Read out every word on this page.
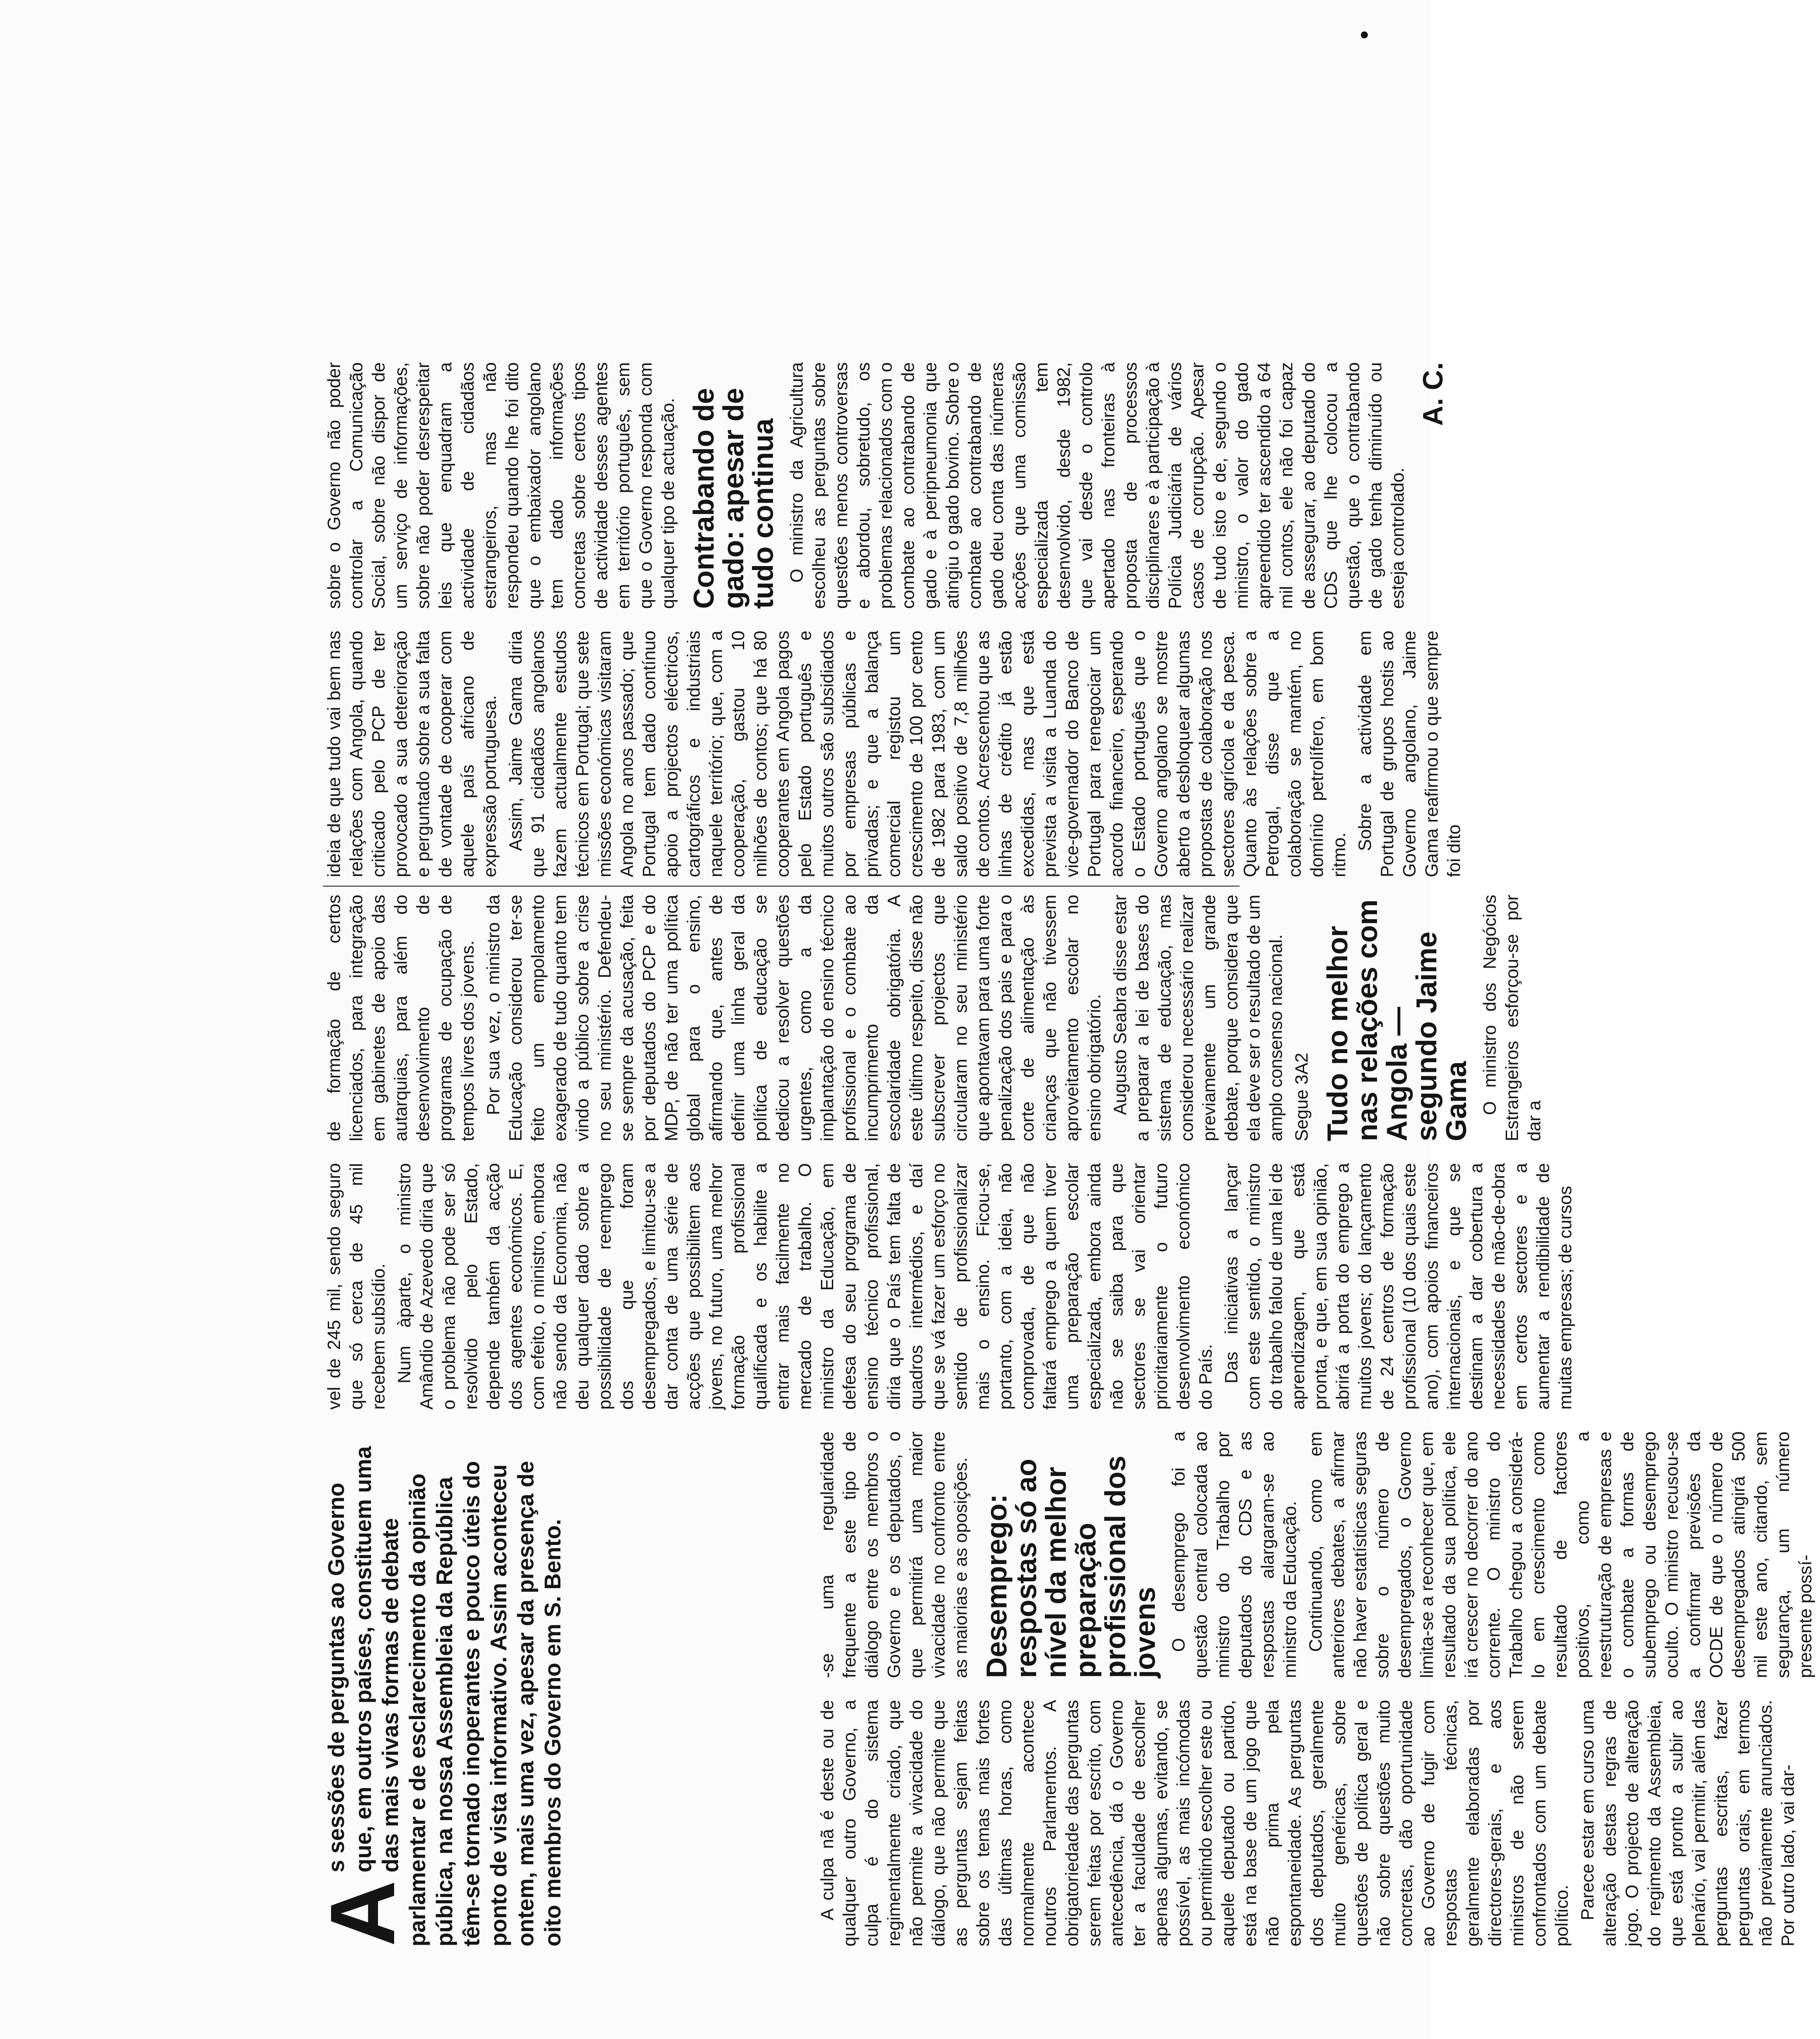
A
s sessões de perguntas ao Governo que, em outros países, constituem uma das mais vivas formas de debate parlamentar e de esclarecimento da opinião pública, na nossa Assembleia da República têm-se tornado inoperantes e pouco úteis do ponto de vista informativo. Assim aconteceu ontem, mais uma vez, apesar da presença de oito membros do Governo em S. Bento.	A culpa nã é deste ou de qualquer outro Governo, a culpa é do sistema regimentalmente criado, que não permite a vivacidade do diálogo, que não permite que as perguntas sejam feitas sobre os temas mais fortes das últimas horas, como normalmente acontece noutros Parlamentos. A obrigatoriedade das perguntas serem feitas por escrito, com antecedência, dá o Governo ter a faculdade de escolher apenas algumas, evitando, se possível, as mais incómodas ou permitindo escolher este ou aquele deputado ou partido, está na base de um jogo que não prima pela espontaneidade. As perguntas dos deputados, geralmente muito genéricas, sobre questões de política geral e não sobre questões muito concretas, dão oportunidade ao Governo de fugir com respostas técnicas, geralmente elaboradas por directores-gerais, e aos ministros de não serem confrontados com um debate político. Parece estar em curso uma alteração destas regras de jogo. O projecto de alteração do regimento da Assembleia, que está pronto a subir ao plenário, vai permitir, além das perguntas escritas, fazer perguntas orais, em termos não previamente anunciados. Por outro lado, vai dar-

-se uma regularidade frequente a este tipo de diálogo entre os membros o Governo e os deputados, o que permitirá uma maior vivacidade no confronto entre as maiorias e as oposições. Desemprego: respostas só ao nível da melhor preparação profissional dos jovens O desemprego foi a questão central colocada ao ministro do Trabalho por deputados do CDS e as respostas alargaram-se ao ministro da Educação. Continuando, como em anteriores debates, a afirmar não haver estatísticas seguras sobre o número de desempregados, o Governo limita-se a reconhecer que, em resultado da sua política, ele irá crescer no decorrer do ano corrente. O ministro do Trabalho chegou a considerá-lo em crescimento como resultado de factores positivos, como a reestruturação de empresas e o combate a formas de subemprego ou desemprego oculto. O ministro recusou-se a confirmar previsões da OCDE de que o número de desempregados atingirá 500 mil este ano, citando, sem segurança, um número presente possí-

vel de 245 mil, sendo seguro que só cerca de 45 mil recebem subsídio. Num àparte, o ministro Amândio de Azevedo diria que o problema não pode ser só resolvido pelo Estado, depende também da acção dos agentes económicos. E, com efeito, o ministro, embora não sendo da Economia, não deu qualquer dado sobre a possibilidade de reemprego dos que foram desempregados, e limitou-se a dar conta de uma série de acções que possibilitem aos jovens, no futuro, uma melhor formação profissional qualificada e os habilite a entrar mais facilmente no mercado de trabalho. O ministro da Educação, em defesa do seu programa de ensino técnico profissional, diria que o País tem falta de quadros intermédios, e daí que se vá fazer um esforço no sentido de profissionalizar mais o ensino. Ficou-se, portanto, com a ideia, não comprovada, de que não faltará emprego a quem tiver uma preparação escolar especializada, embora ainda não se saiba para que sectores se vai orientar prioritariamente o futuro desenvolvimento económico do País. Das iniciativas a lançar com este sentido, o ministro do trabalho falou de uma lei de aprendizagem, que está pronta, e que, em sua opinião, abrirá a porta do emprego a muitos jovens; do lançamento de 24 centros de formação profissional (10 dos quais este ano), com apoios financeiros internacionais, e que se destinam a dar cobertura a necessidades de mão-de-obra em certos sectores e a aumentar a rendibilidade de muitas empresas; de cursos

de formação de certos licenciados, para integração em gabinetes de apoio das autarquias, para além do desenvolvimento de programas de ocupação de tempos livres dos jovens. Por sua vez, o ministro da Educação considerou ter-se feito um empolamento exagerado de tudo quanto tem vindo a público sobre a crise no seu ministério. Defendeu-se sempre da acusação, feita por deputados do PCP e do MDP, de não ter uma política global para o ensino, afirmando que, antes de definir uma linha geral da política de educação se dedicou a resolver questões urgentes, como a da implantação do ensino técnico profissional e o combate ao incumprimento da escolaridade obrigatória. A este último respeito, disse não subscrever projectos que circularam no seu ministério que apontavam para uma forte penalização dos pais e para o corte de alimentação às crianças que não tivessem aproveitamento escolar no ensino obrigatório. Augusto Seabra disse estar a preparar a lei de bases do sistema de educação, mas considerou necessário realizar previamente um grande debate, porque considera que ela deve ser o resultado de um amplo consenso nacional. Segue 3A2 Tudo no melhor nas relações com Angola — segundo Jaime Gama O ministro dos Negócios Estrangeiros esforçou-se por dar a

ideia de que tudo vai bem nas relações com Angola, quando criticado pelo PCP de ter provocado a sua deterioração e perguntado sobre a sua falta de vontade de cooperar com aquele país africano de expressão portuguesa. Assim, Jaime Gama diria que 91 cidadãos angolanos fazem actualmente estudos técnicos em Portugal; que sete missões económicas visitaram Angola no anos passado; que Portugal tem dado contínuo apoio a projectos eléctricos, cartográficos e industriais naquele território; que, com a cooperação, gastou 10 milhões de contos; que há 80 cooperantes em Angola pagos pelo Estado português e muitos outros são subsidiados por empresas públicas e privadas; e que a balança comercial registou um crescimento de 100 por cento de 1982 para 1983, com um saldo positivo de 7,8 milhões de contos. Acrescentou que as linhas de crédito já estão excedidas, mas que está prevista a visita a Luanda do vice-governador do Banco de Portugal para renegociar um acordo financeiro, esperando o Estado português que o Governo angolano se mostre aberto a desbloquear algumas propostas de colaboração nos sectores agrícola e da pesca. Quanto às relações sobre a Petrogal, disse que a colaboração se mantém, no domínio petrolífero, em bom ritmo.

Sobre a actividade em Portugal de grupos hostis ao Governo angolano, Jaime Gama reafirmou o que sempre foi dito

sobre o Governo não poder controlar a Comunicação Social, sobre não dispor de um serviço de informações, sobre não poder desrespeitar leis que enquadram a actividade de cidadãos estrangeiros, mas não respondeu quando lhe foi dito que o embaixador angolano tem dado informações concretas sobre certos tipos de actividade desses agentes em território português, sem que o Governo responda com qualquer tipo de actuação. Contrabando de gado: apesar de tudo continua O ministro da Agricultura escolheu as perguntas sobre questões menos controversas e abordou, sobretudo, os problemas relacionados com o combate ao contrabando de gado e à peripneumonia que atingiu o gado bovino. Sobre o combate ao contrabando de gado deu conta das inúmeras acções que uma comissão especializada tem desenvolvido, desde 1982, que vai desde o controlo apertado nas fronteiras à proposta de processos disciplinares e à participação à Polícia Judiciária de vários casos de corrupção. Apesar de tudo isto e de, segundo o ministro, o valor do gado apreendido ter ascendido a 64 mil contos, ele não foi capaz de assegurar, ao deputado do CDS que lhe colocou a questão, que o contrabando de gado tenha diminuído ou esteja controlado.

A. C.
